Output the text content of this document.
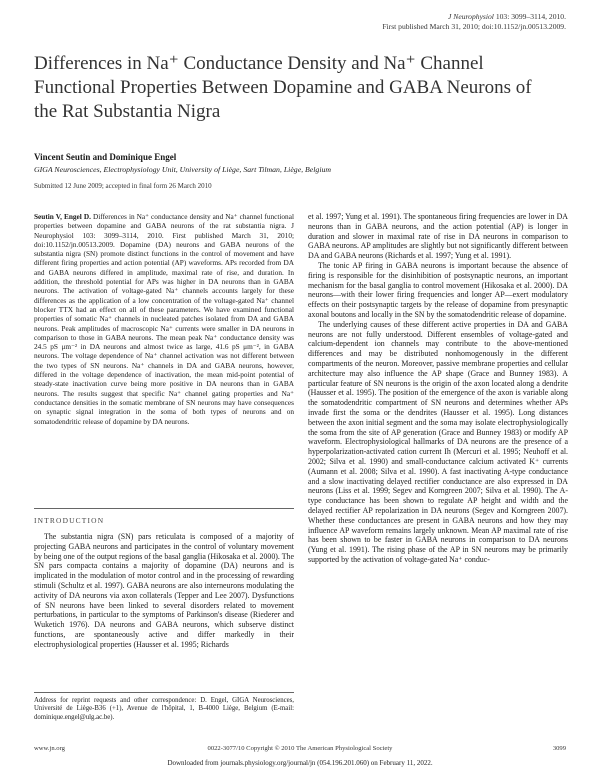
J Neurophysiol 103: 3099–3114, 2010.
First published March 31, 2010; doi:10.1152/jn.00513.2009.
Differences in Na⁺ Conductance Density and Na⁺ Channel Functional Properties Between Dopamine and GABA Neurons of the Rat Substantia Nigra
Vincent Seutin and Dominique Engel
GIGA Neurosciences, Electrophysiology Unit, University of Liège, Sart Tilman, Liège, Belgium
Submitted 12 June 2009; accepted in final form 26 March 2010

Seutin V, Engel D. Differences in Na⁺ conductance density and Na⁺ channel functional properties between dopamine and GABA neurons of the rat substantia nigra. J Neurophysiol 103: 3099–3114, 2010. First published March 31, 2010; doi:10.1152/jn.00513.2009. Dopamine (DA) neurons and GABA neurons of the substantia nigra (SN) promote distinct functions in the control of movement and have different firing properties and action potential (AP) waveforms. APs recorded from DA and GABA neurons differed in amplitude, maximal rate of rise, and duration. In addition, the threshold potential for APs was higher in DA neurons than in GABA neurons. The activation of voltage-gated Na⁺ channels accounts largely for these differences as the application of a low concentration of the voltage-gated Na⁺ channel blocker TTX had an effect on all of these parameters. We have examined functional properties of somatic Na⁺ channels in nucleated patches isolated from DA and GABA neurons. Peak amplitudes of macroscopic Na⁺ currents were smaller in DA neurons in comparison to those in GABA neurons. The mean peak Na⁺ conductance density was 24.5 pS μm⁻² in DA neurons and almost twice as large, 41.6 pS μm⁻², in GABA neurons. The voltage dependence of Na⁺ channel activation was not different between the two types of SN neurons. Na⁺ channels in DA and GABA neurons, however, differed in the voltage dependence of inactivation, the mean mid-point potential of steady-state inactivation curve being more positive in DA neurons than in GABA neurons. The results suggest that specific Na⁺ channel gating properties and Na⁺ conductance densities in the somatic membrane of SN neurons may have consequences on synaptic signal integration in the soma of both types of neurons and on somatodendritic release of dopamine by DA neurons.

INTRODUCTION

The substantia nigra (SN) pars reticulata is composed of a majority of projecting GABA neurons and participates in the control of voluntary movement by being one of the output regions of the basal ganglia (Hikosaka et al. 2000). The SN pars compacta contains a majority of dopamine (DA) neurons and is implicated in the modulation of motor control and in the processing of rewarding stimuli (Schultz et al. 1997). GABA neurons are also interneurons modulating the activity of DA neurons via axon collaterals (Tepper and Lee 2007). Dysfunctions of SN neurons have been linked to several disorders related to movement perturbations, in particular to the symptoms of Parkinson's disease (Riederer and Wuketich 1976). DA neurons and GABA neurons, which subserve distinct functions, are spontaneously active and differ markedly in their electrophysiological properties (Hausser et al. 1995; Richards

Address for reprint requests and other correspondence: D. Engel, GIGA Neurosciences, Université de Liège-B36 (+1), Avenue de l'hôpital, 1, B-4000 Liège, Belgium (E-mail: dominique.engel@ulg.ac.be).

et al. 1997; Yung et al. 1991). The spontaneous firing frequencies are lower in DA neurons than in GABA neurons, and the action potential (AP) is longer in duration and slower in maximal rate of rise in DA neurons in comparison to GABA neurons. AP amplitudes are slightly but not significantly different between DA and GABA neurons (Richards et al. 1997; Yung et al. 1991).

The tonic AP firing in GABA neurons is important because the absence of firing is responsible for the disinhibition of postsynaptic neurons, an important mechanism for the basal ganglia to control movement (Hikosaka et al. 2000). DA neurons—with their lower firing frequencies and longer AP—exert modulatory effects on their postsynaptic targets by the release of dopamine from presynaptic axonal boutons and locally in the SN by the somatodendritic release of dopamine.

The underlying causes of these different active properties in DA and GABA neurons are not fully understood. Different ensembles of voltage-gated and calcium-dependent ion channels may contribute to the above-mentioned differences and may be distributed nonhomogenously in the different compartments of the neuron. Moreover, passive membrane properties and cellular architecture may also influence the AP shape (Grace and Bunney 1983). A particular feature of SN neurons is the origin of the axon located along a dendrite (Hausser et al. 1995). The position of the emergence of the axon is variable along the somatodendritic compartment of SN neurons and determines whether APs invade first the soma or the dendrites (Hausser et al. 1995). Long distances between the axon initial segment and the soma may isolate electrophysiologically the soma from the site of AP generation (Grace and Bunney 1983) or modify AP waveform. Electrophysiological hallmarks of DA neurons are the presence of a hyperpolarization-activated cation current Ih (Mercuri et al. 1995; Neuhoff et al. 2002; Silva et al. 1990) and small-conductance calcium activated K⁺ currents (Aumann et al. 2008; Silva et al. 1990). A fast inactivating A-type conductance and a slow inactivating delayed rectifier conductance are also expressed in DA neurons (Liss et al. 1999; Segev and Korngreen 2007; Silva et al. 1990). The A-type conductance has been shown to regulate AP height and width and the delayed rectifier AP repolarization in DA neurons (Segev and Korngreen 2007). Whether these conductances are present in GABA neurons and how they may influence AP waveform remains largely unknown. Mean AP maximal rate of rise has been shown to be faster in GABA neurons in comparison to DA neurons (Yung et al. 1991). The rising phase of the AP in SN neurons may be primarily supported by the activation of voltage-gated Na⁺ conduc-

www.jn.org	0022-3077/10 Copyright © 2010 The American Physiological Society	3099
Downloaded from journals.physiology.org/journal/jn (054.196.201.060) on February 11, 2022.
